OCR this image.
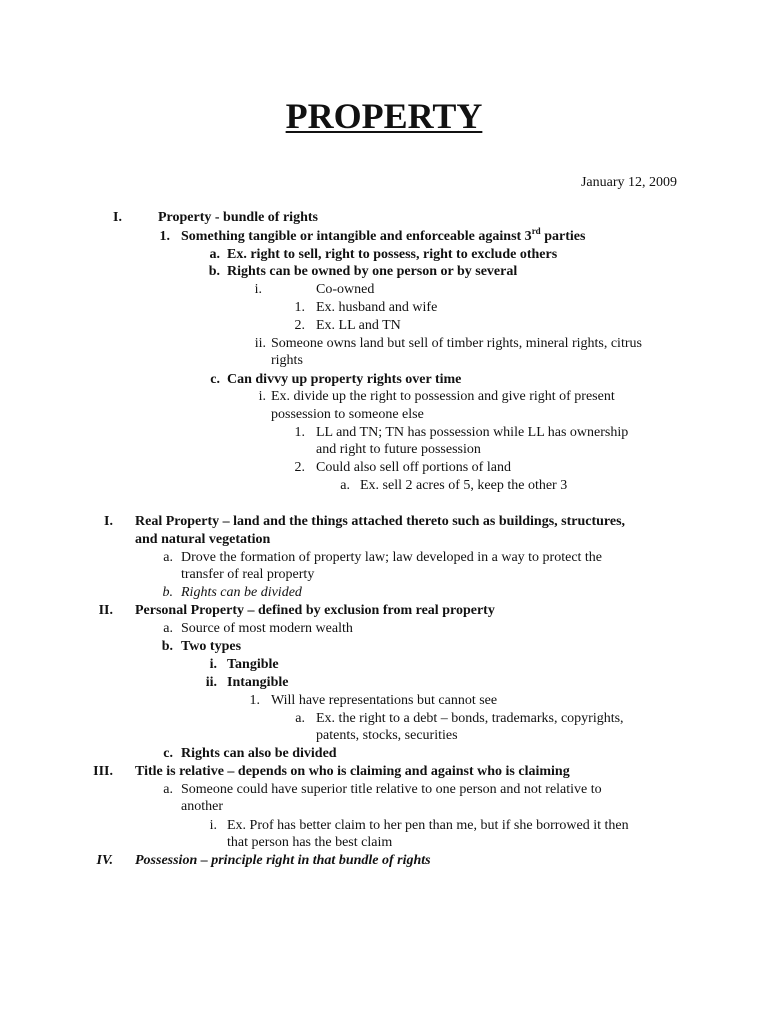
PROPERTY
January 12, 2009
I.	Property - bundle of rights
1. Something tangible or intangible and enforceable against 3rd parties
a. Ex. right to sell, right to possess, right to exclude others
b. Rights can be owned by one person or by several
i.	Co-owned
1. Ex. husband and wife
2. Ex. LL and TN
ii. Someone owns land but sell of timber rights, mineral rights, citrus
rights
c. Can divvy up property rights over time
i. Ex. divide up the right to possession and give right of present
possession to someone else
1. LL and TN; TN has possession while LL has ownership
and right to future possession
2. Could also sell off portions of land
a. Ex. sell 2 acres of 5, keep the other 3
I. Real Property – land and the things attached thereto such as buildings, structures,
and natural vegetation
a. Drove the formation of property law; law developed in a way to protect the
transfer of real property
b. Rights can be divided
II. Personal Property – defined by exclusion from real property
a. Source of most modern wealth
b. Two types
i. Tangible
ii. Intangible
1. Will have representations but cannot see
a. Ex. the right to a debt – bonds, trademarks, copyrights,
patents, stocks, securities
c. Rights can also be divided
III. Title is relative – depends on who is claiming and against who is claiming
a. Someone could have superior title relative to one person and not relative to
another
i. Ex. Prof has better claim to her pen than me, but if she borrowed it then
that person has the best claim
IV. Possession – principle right in that bundle of rights
